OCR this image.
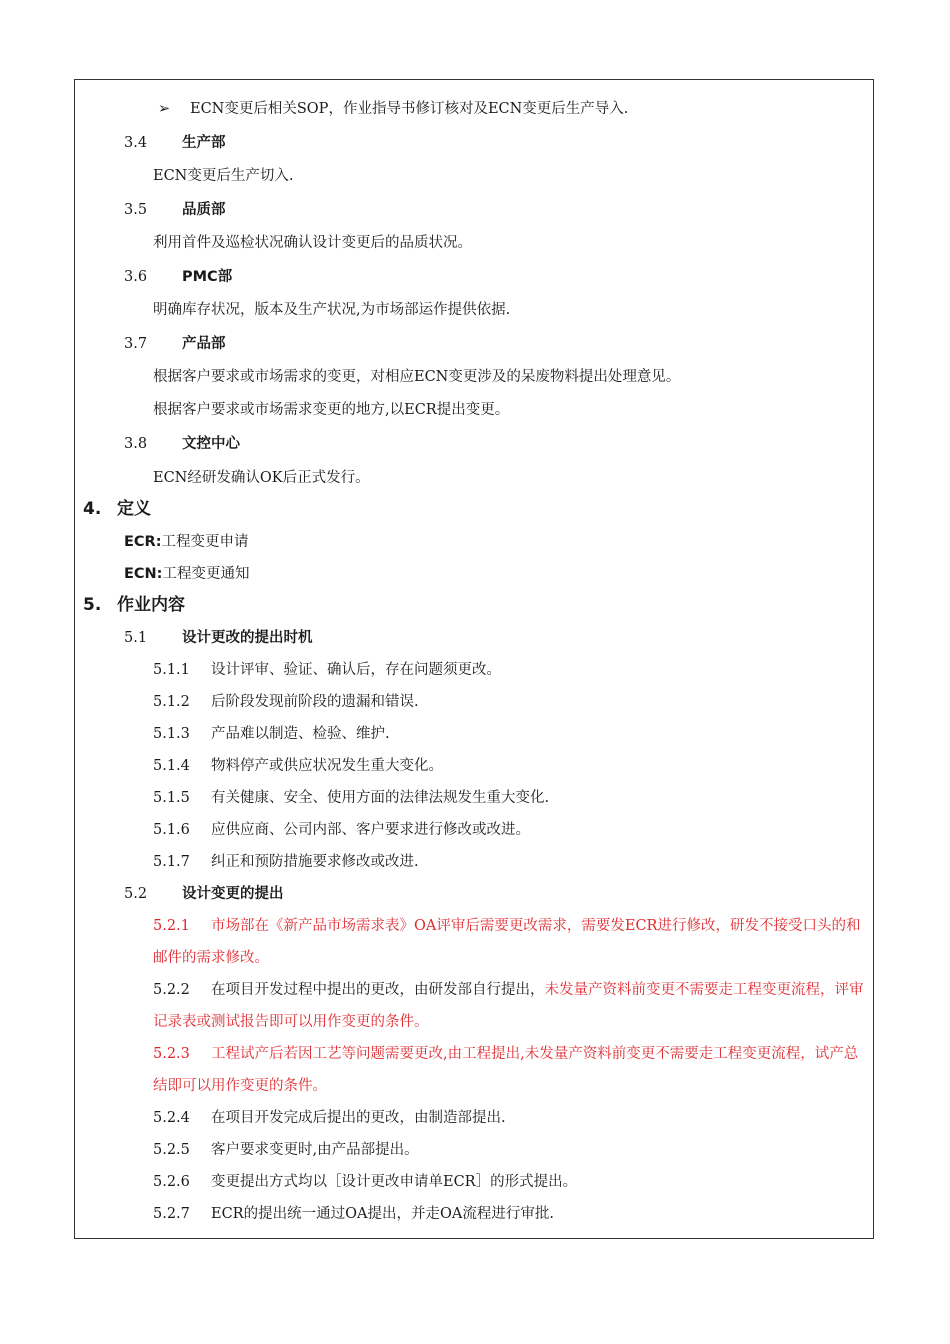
➢ ECN变更后相关SOP，作业指导书修订核对及ECN变更后生产导入.
3.4 生产部
ECN变更后生产切入.
3.5 品质部
利用首件及巡检状况确认设计变更后的品质状况。
3.6 PMC部
明确库存状况，版本及生产状况,为市场部运作提供依据.
3.7 产品部
根据客户要求或市场需求的变更，对相应ECN变更涉及的呆废物料提出处理意见。
根据客户要求或市场需求变更的地方,以ECR提出变更。
3.8 文控中心
ECN经研发确认OK后正式发行。
4. 定义
ECR:工程变更申请
ECN:工程变更通知
5. 作业内容
5.1 设计更改的提出时机
5.1.1 设计评审、验证、确认后，存在问题须更改。
5.1.2 后阶段发现前阶段的遗漏和错误.
5.1.3 产品难以制造、检验、维护.
5.1.4 物料停产或供应状况发生重大变化。
5.1.5 有关健康、安全、使用方面的法律法规发生重大变化.
5.1.6 应供应商、公司内部、客户要求进行修改或改进。
5.1.7 纠正和预防措施要求修改或改进.
5.2 设计变更的提出
5.2.1 市场部在《新产品市场需求表》OA评审后需要更改需求，需要发ECR进行修改，研发不接受口头的和邮件的需求修改。
5.2.2 在项目开发过程中提出的更改，由研发部自行提出，未发量产资料前变更不需要走工程变更流程，评审记录表或测试报告即可以用作变更的条件。
5.2.3 工程试产后若因工艺等问题需要更改,由工程提出,未发量产资料前变更不需要走工程变更流程，试产总结即可以用作变更的条件。
5.2.4 在项目开发完成后提出的更改，由制造部提出.
5.2.5 客户要求变更时,由产品部提出。
5.2.6 变更提出方式均以［设计更改申请单ECR］的形式提出。
5.2.7 ECR的提出统一通过OA提出，并走OA流程进行审批.
